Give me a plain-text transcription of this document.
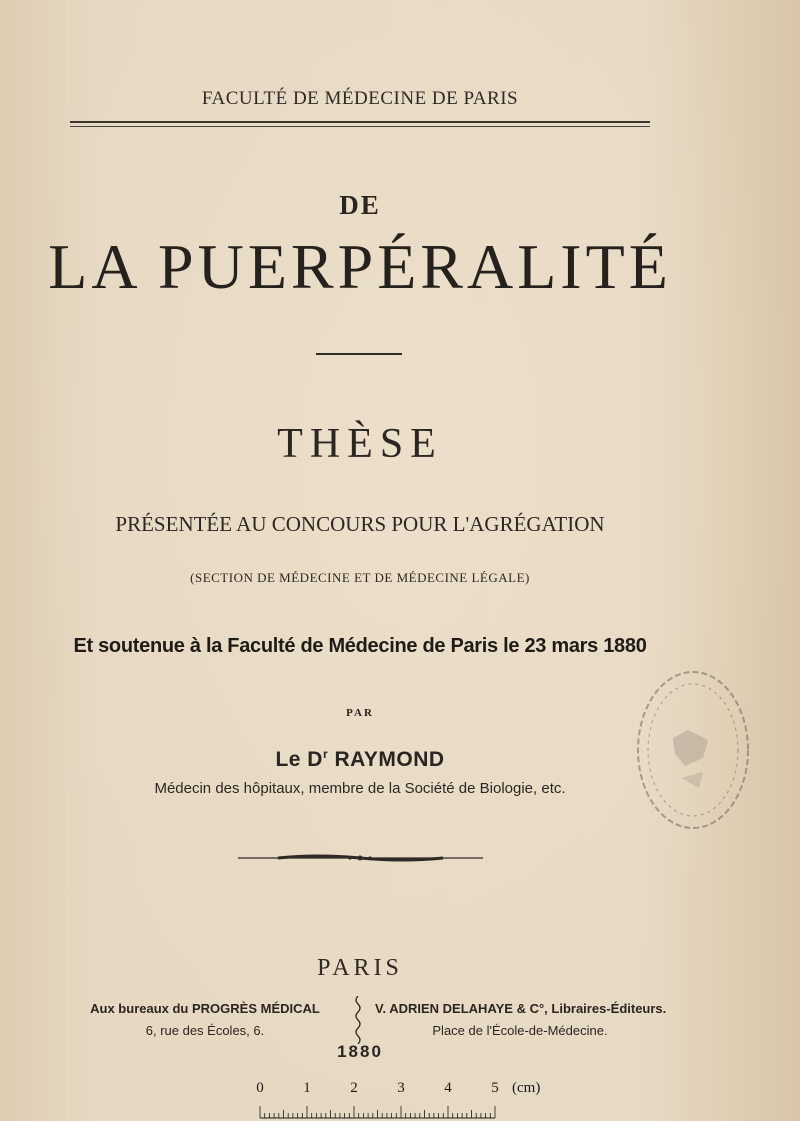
FACULTÉ DE MÉDECINE DE PARIS
DE
LA PUERPÉRALITÉ
THÈSE
PRÉSENTÉE AU CONCOURS POUR L'AGRÉGATION
(SECTION DE MÉDECINE ET DE MÉDECINE LÉGALE)
Et soutenue à la Faculté de Médecine de Paris le 23 mars 1880
PAR
Le $D^r$ RAYMOND
Médecin des hôpitaux, membre de la Société de Biologie, etc.
PARIS
Aux bureaux du PROGRÈS MÉDICAL
6, rue des Écoles, 6.
V. ADRIEN DELAHAYE & C°, Libraires-Éditeurs.
Place de l'École-de-Médecine.
1880
0	1	2	3	4	5 (cm)
